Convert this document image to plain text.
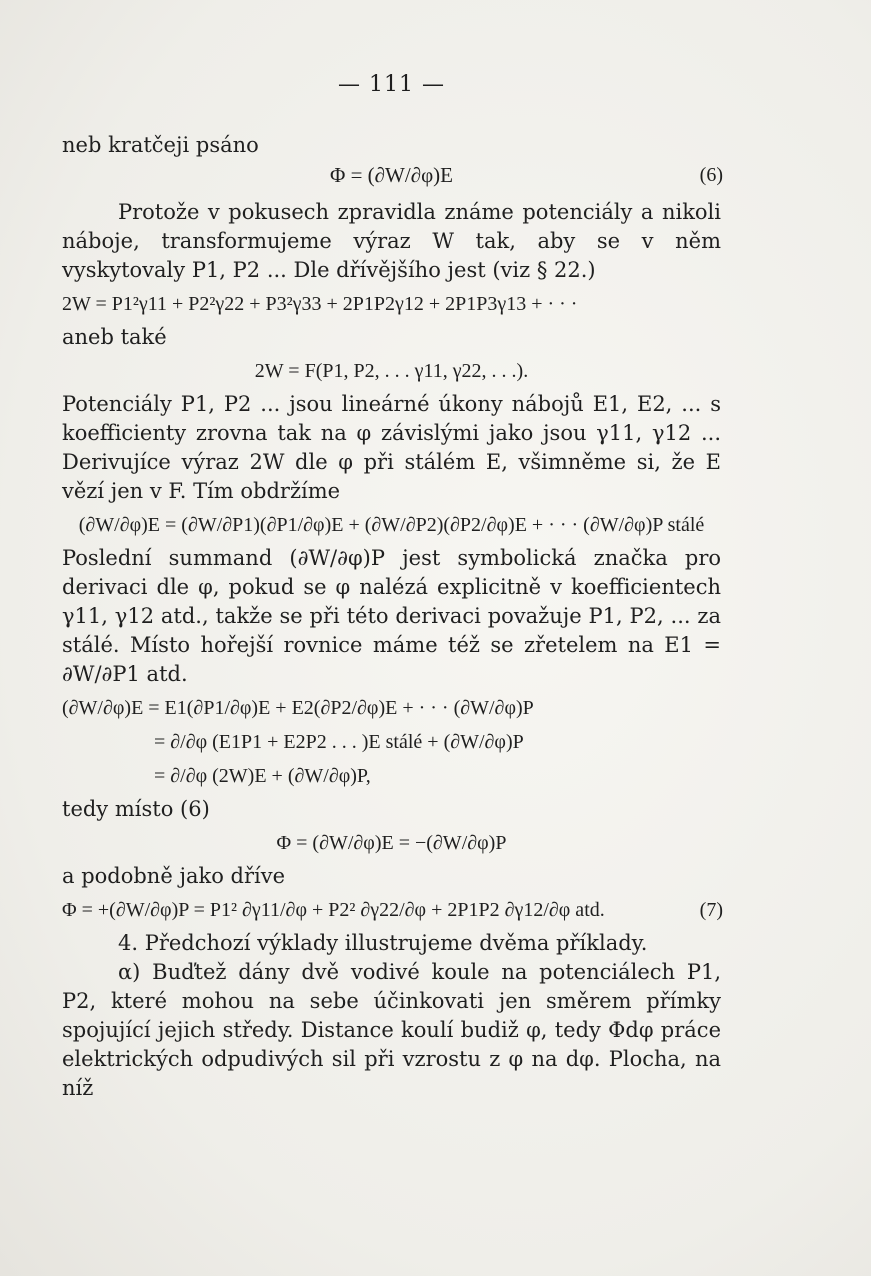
— 111 —

neb kratčeji psáno

Φ = (∂W/∂φ)E	(6)

Protože v pokusech zpravidla známe potenciály a nikoli náboje, transformujeme výraz W tak, aby se v něm vyskytovaly P1, P2 ... Dle dřívějšího jest (viz § 22.)

2W = P1²γ11 + P2²γ22 + P3²γ33 + 2P1P2γ12 + 2P1P3γ13 + · · ·

aneb také

2W = F(P1, P2, . . . γ11, γ22, . . .).

Potenciály P1, P2 ... jsou lineárné úkony nábojů E1, E2, ... s koefficienty zrovna tak na φ závislými jako jsou γ11, γ12 ... Derivujíce výraz 2W dle φ při stálém E, všimněme si, že E vězí jen v F. Tím obdržíme

(∂W/∂φ)E = (∂W/∂P1)(∂P1/∂φ)E + (∂W/∂P2)(∂P2/∂φ)E + · · · (∂W/∂φ)P stálé

Poslední summand (∂W/∂φ)P jest symbolická značka pro derivaci dle φ, pokud se φ nalézá explicitně v koefficientech γ11, γ12 atd., takže se při této derivaci považuje P1, P2, ... za stálé. Místo hořejší rovnice máme též se zřetelem na E1 = ∂W/∂P1 atd.

(∂W/∂φ)E = E1(∂P1/∂φ)E + E2(∂P2/∂φ)E + · · · (∂W/∂φ)P
= ∂/∂φ (E1P1 + E2P2 . . . )E stálé + (∂W/∂φ)P
= ∂/∂φ (2W)E + (∂W/∂φ)P,

tedy místo (6)

Φ = (∂W/∂φ)E = −(∂W/∂φ)P

a podobně jako dříve

Φ = +(∂W/∂φ)P = P1² ∂γ11/∂φ + P2² ∂γ22/∂φ + 2P1P2 ∂γ12/∂φ atd.	(7)

4. Předchozí výklady illustrujeme dvěma příklady.

α) Buďtež dány dvě vodivé koule na potenciálech P1, P2, které mohou na sebe účinkovati jen směrem přímky spojující jejich středy. Distance koulí budiž φ, tedy Φdφ práce elektrických odpudivých sil při vzrostu z φ na dφ. Plocha, na níž
